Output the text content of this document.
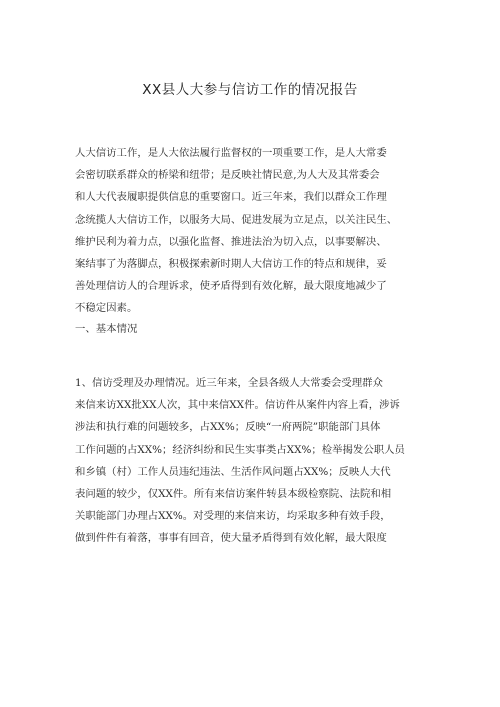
XX县人大参与信访工作的情况报告
人大信访工作，是人大依法履行监督权的一项重要工作，是人大常委
会密切联系群众的桥梁和纽带；是反映社情民意,为人大及其常委会
和人大代表履职提供信息的重要窗口。近三年来，我们以群众工作理
念统揽人大信访工作，以服务大局、促进发展为立足点，以关注民生、
维护民利为着力点，以强化监督、推进法治为切入点，以事要解决、
案结事了为落脚点，积极探索新时期人大信访工作的特点和规律，妥
善处理信访人的合理诉求，使矛盾得到有效化解，最大限度地减少了
不稳定因素。
一、基本情况
1、信访受理及办理情况。近三年来，全县各级人大常委会受理群众
来信来访XX批XX人次，其中来信XX件。信访件从案件内容上看，涉诉
涉法和执行难的问题较多，占XX%；反映“一府两院”职能部门具体
工作问题的占XX%；经济纠纷和民生实事类占XX%；检举揭发公职人员
和乡镇（村）工作人员违纪违法、生活作风问题占XX%；反映人大代
表问题的较少，仅XX件。所有来信访案件转县本级检察院、法院和相
关职能部门办理占XX%。对受理的来信来访，均采取多种有效手段，
做到件件有着落，事事有回音，使大量矛盾得到有效化解，最大限度
